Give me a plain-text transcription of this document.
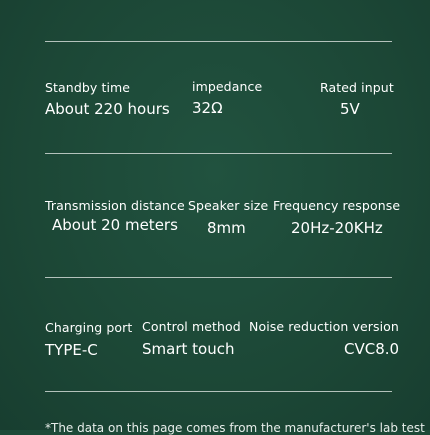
Standby time
About 220 hours
impedance
32Ω
Rated input
5V
Transmission distance
About 20 meters
Speaker size
8mm
Frequency response
20Hz-20KHz
Charging port
TYPE-C
Control method
Smart touch
Noise reduction version
CVC8.0
*The data on this page comes from the manufacturer's lab test
